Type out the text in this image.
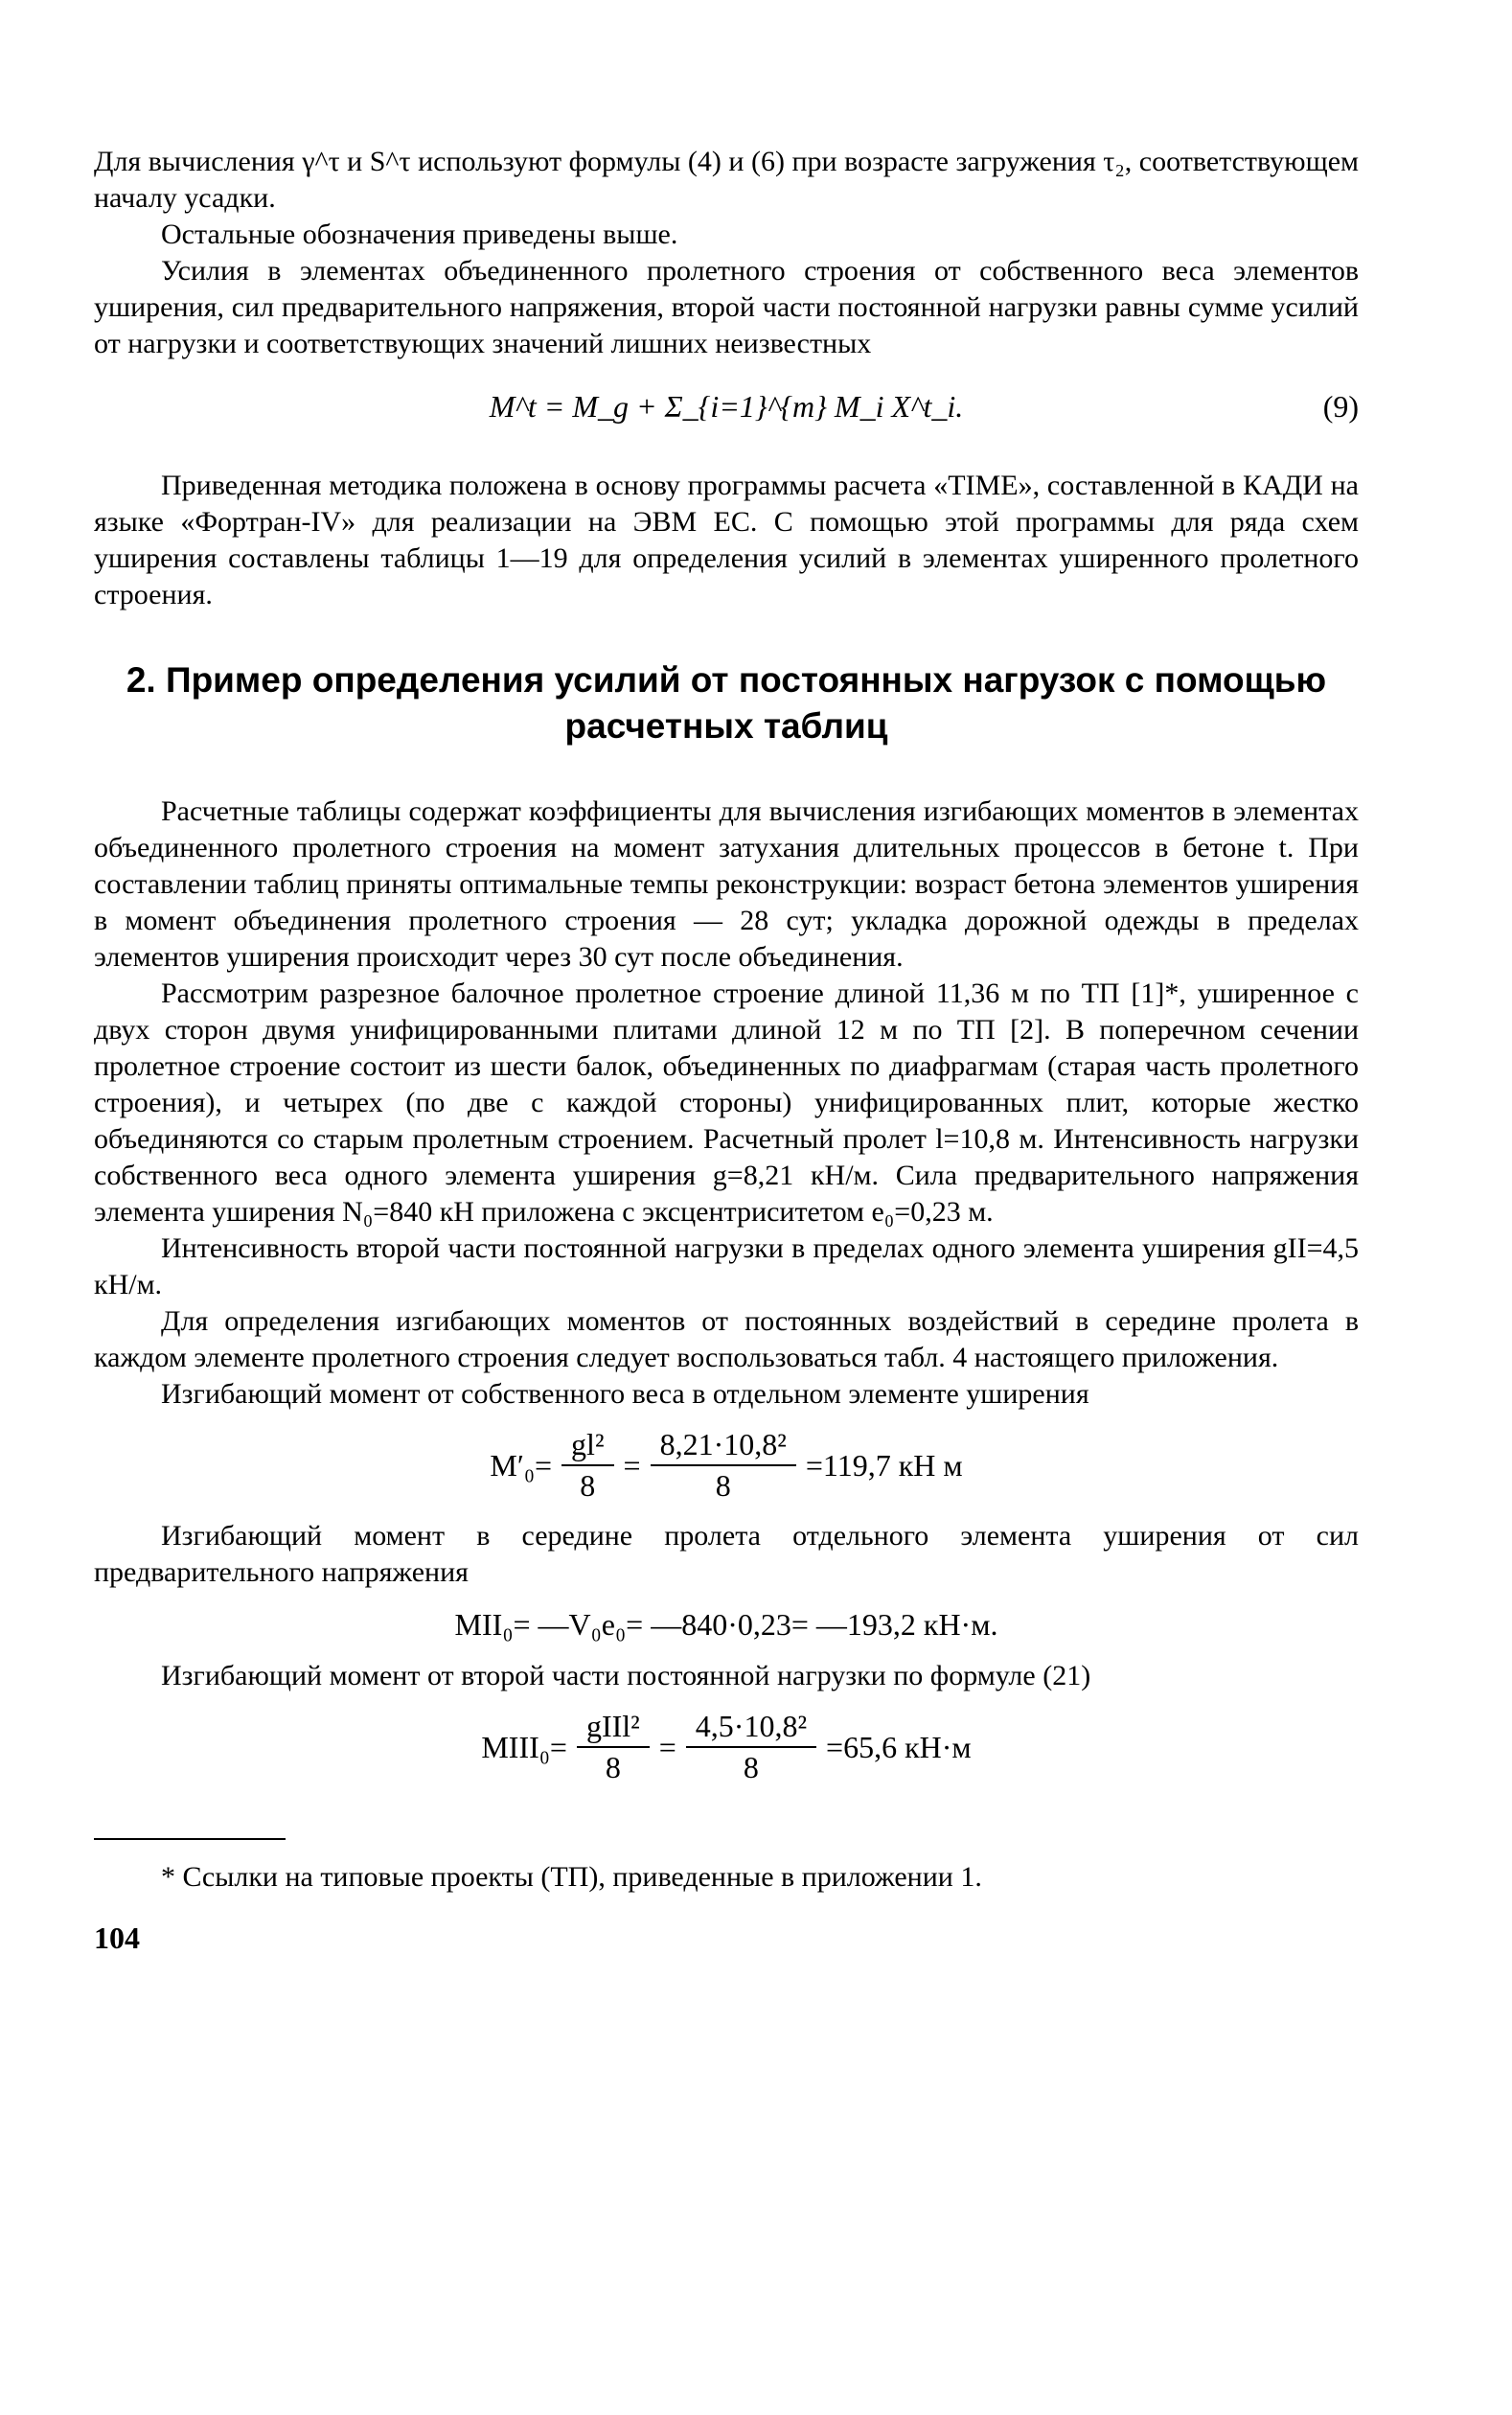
Для вычисления γ^τ и S^τ используют формулы (4) и (6) при возрасте загружения τ₂, соответствующем началу усадки.

Остальные обозначения приведены выше.

Усилия в элементах объединенного пролетного строения от собственного веса элементов уширения, сил предварительного напряжения, второй части постоянной нагрузки равны сумме усилий от нагрузки и соответствующих значений лишних неизвестных

M^t = M_g + Σ_{i=1}^{m} M_i X^t_i.	(9)

Приведенная методика положена в основу программы расчета «TIME», составленной в КАДИ на языке «Фортран-IV» для реализации на ЭВМ ЕС. С помощью этой программы для ряда схем уширения составлены таблицы 1—19 для определения усилий в элементах уширенного пролетного строения.

2. Пример определения усилий от постоянных нагрузок с помощью расчетных таблиц

Расчетные таблицы содержат коэффициенты для вычисления изгибающих моментов в элементах объединенного пролетного строения на момент затухания длительных процессов в бетоне t. При составлении таблиц приняты оптимальные темпы реконструкции: возраст бетона элементов уширения в момент объединения пролетного строения — 28 сут; укладка дорожной одежды в пределах элементов уширения происходит через 30 сут после объединения.

Рассмотрим разрезное балочное пролетное строение длиной 11,36 м по ТП [1]*, уширенное с двух сторон двумя унифицированными плитами длиной 12 м по ТП [2]. В поперечном сечении пролетное строение состоит из шести балок, объединенных по диафрагмам (старая часть пролетного строения), и четырех (по две с каждой стороны) унифицированных плит, которые жестко объединяются со старым пролетным строением. Расчетный пролет l=10,8 м. Интенсивность нагрузки собственного веса одного элемента уширения g=8,21 кН/м. Сила предварительного напряжения элемента уширения N₀=840 кН приложена с эксцентриситетом e₀=0,23 м.

Интенсивность второй части постоянной нагрузки в пределах одного элемента уширения gII=4,5 кН/м.

Для определения изгибающих моментов от постоянных воздействий в середине пролета в каждом элементе пролетного строения следует воспользоваться табл. 4 настоящего приложения.

Изгибающий момент от собственного веса в отдельном элементе уширения

$M'_0= \frac{\text{gl²}}{8} = \frac{\text{8,21·10,8²}}{8} =119,7$ кН м

Изгибающий момент в середине пролета отдельного элемента уширения от сил предварительного напряжения

MII₀= —V₀e₀= —840·0,23= —193,2 кН·м.

Изгибающий момент от второй части постоянной нагрузки по формуле (21)

MIII₀= $\frac{\text{gIIl²}}{8} = \frac{\text{4,5·10,8²}}{8} =65,6$ кН·м
* Ссылки на типовые проекты (ТП), приведенные в приложении 1.
104
